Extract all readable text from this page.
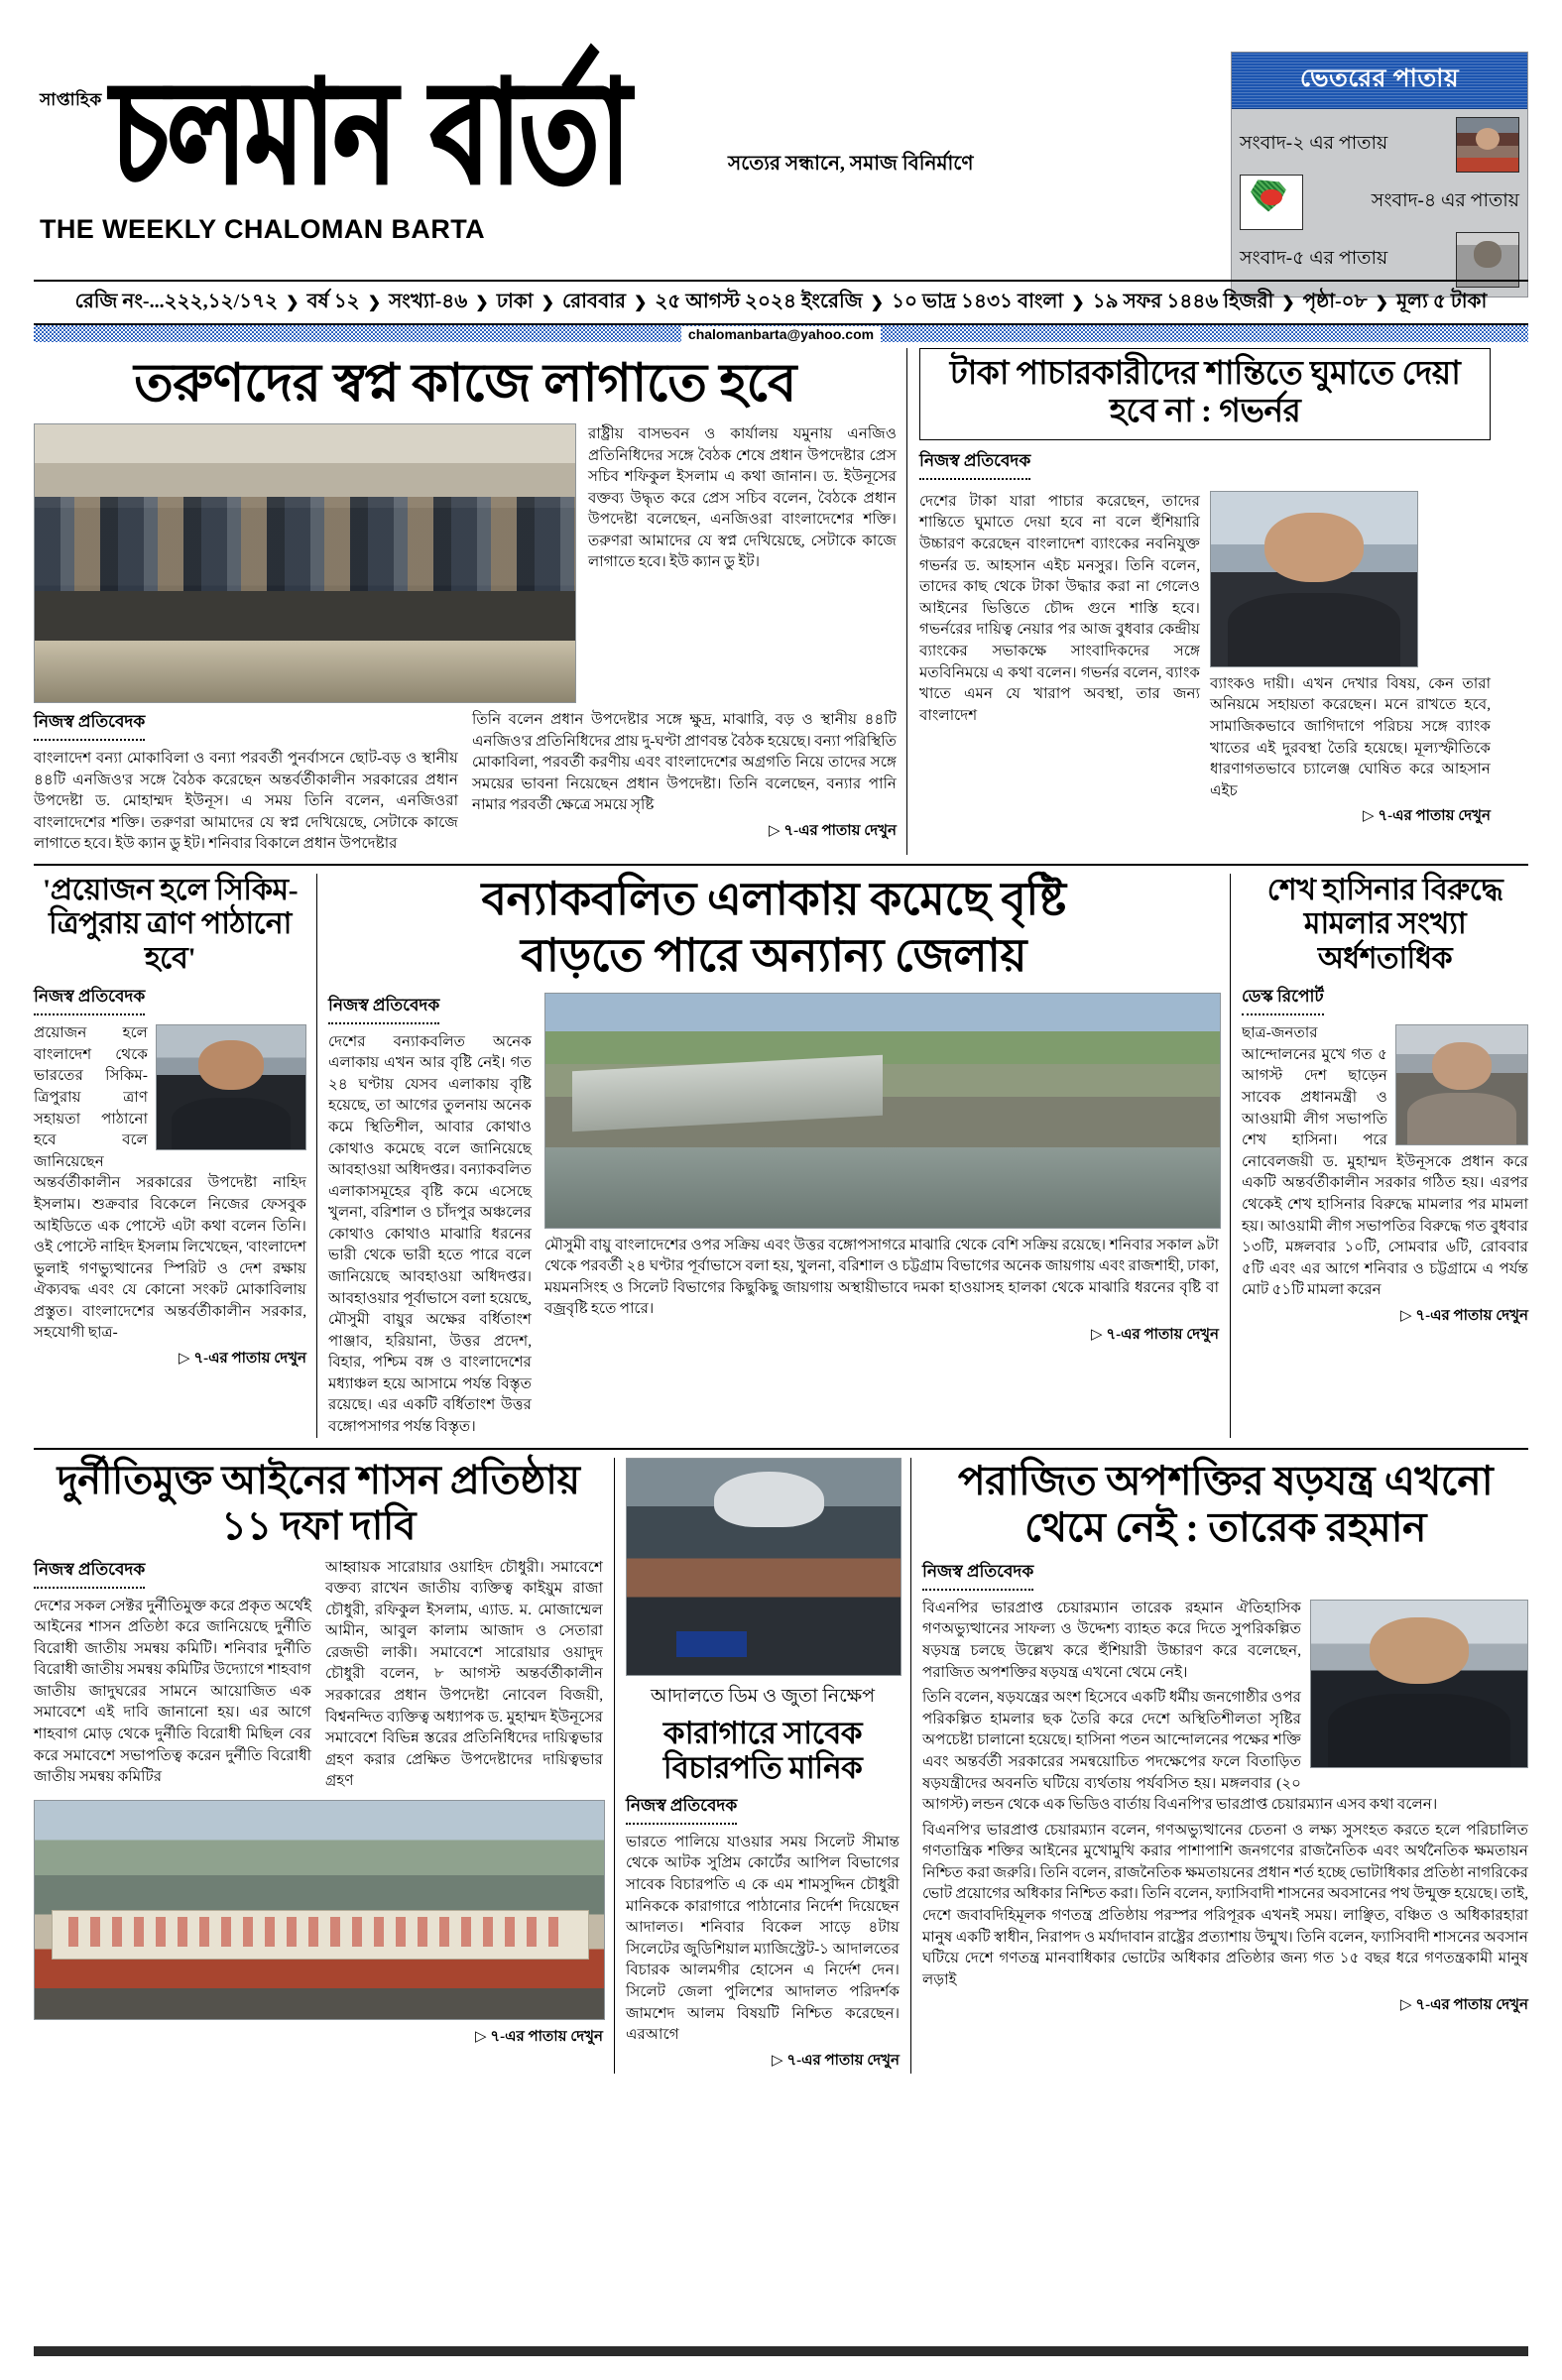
সাপ্তাহিক চলমান বার্তা
THE WEEKLY CHALOMAN BARTA
সত্যের সন্ধানে, সমাজ বিনির্মাণে
ভেতরের পাতায়
সংবাদ-২ এর পাতায়
সংবাদ-৪ এর পাতায়
সংবাদ-৫ এর পাতায়
রেজি নং-...২২২,১২/১৭২ ❯ বর্ষ ১২ ❯ সংখ্যা-৪৬ ❯ ঢাকা ❯ রোববার ❯ ২৫ আগস্ট ২০২৪ ইংরেজি ❯ ১০ ভাদ্র ১৪৩১ বাংলা ❯ ১৯ সফর ১৪৪৬ হিজরী ❯ পৃষ্ঠা-০৮ ❯ মূল্য ৫ টাকা
chalomanbarta@yahoo.com
তরুণদের স্বপ্ন কাজে লাগাতে হবে
রাষ্ট্রীয় বাসভবন ও কার্যালয় যমুনায় এনজিও প্রতিনিধিদের সঙ্গে বৈঠক শেষে প্রধান উপদেষ্টার প্রেস সচিব শফিকুল ইসলাম এ কথা জানান। ড. ইউনূসের বক্তব্য উদ্ধৃত করে প্রেস সচিব বলেন, বৈঠকে প্রধান উপদেষ্টা বলেছেন, এনজিওরা বাংলাদেশের শক্তি। তরুণরা আমাদের যে স্বপ্ন দেখিয়েছে, সেটাকে কাজে লাগাতে হবে। ইউ ক্যান ডু ইট।
নিজস্ব প্রতিবেদক
বাংলাদেশ বন্যা মোকাবিলা ও বন্যা পরবর্তী পুনর্বাসনে ছোট-বড় ও স্থানীয় ৪৪টি এনজিও'র সঙ্গে বৈঠক করেছেন অন্তর্বর্তীকালীন সরকারের প্রধান উপদেষ্টা ড. মোহাম্মদ ইউনূস। এ সময় তিনি বলেন, এনজিওরা বাংলাদেশের শক্তি। তরুণরা আমাদের যে স্বপ্ন দেখিয়েছে, সেটাকে কাজে লাগাতে হবে। ইউ ক্যান ডু ইট। শনিবার বিকালে প্রধান উপদেষ্টার
তিনি বলেন প্রধান উপদেষ্টার সঙ্গে ক্ষুদ্র, মাঝারি, বড় ও স্থানীয় ৪৪টি এনজিও'র প্রতিনিধিদের প্রায় দু-ঘণ্টা প্রাণবন্ত বৈঠক হয়েছে। বন্যা পরিস্থিতি মোকাবিলা, পরবর্তী করণীয় এবং বাংলাদেশের অগ্রগতি নিয়ে তাদের সঙ্গে সময়ের ভাবনা নিয়েছেন প্রধান উপদেষ্টা। তিনি বলেছেন, বন্যার পানি নামার পরবর্তী ক্ষেত্রে সময়ে সৃষ্টি
▷ ৭-এর পাতায় দেখুন
টাকা পাচারকারীদের শান্তিতে ঘুমাতে দেয়া হবে না : গভর্নর
নিজস্ব প্রতিবেদক
দেশের টাকা যারা পাচার করেছেন, তাদের শান্তিতে ঘুমাতে দেয়া হবে না বলে হুঁশিয়ারি উচ্চারণ করেছেন বাংলাদেশ ব্যাংকের নবনিযুক্ত গভর্নর ড. আহসান এইচ মনসুর। তিনি বলেন, তাদের কাছ থেকে টাকা উদ্ধার করা না গেলেও আইনের ভিত্তিতে চৌদ্দ গুনে শাস্তি হবে। গভর্নরের দায়িত্ব নেয়ার পর আজ বুধবার কেন্দ্রীয় ব্যাংকের সভাকক্ষে সাংবাদিকদের সঙ্গে মতবিনিময়ে এ কথা বলেন। গভর্নর বলেন, ব্যাংক খাতে এমন যে খারাপ অবস্থা, তার জন্য বাংলাদেশ
ব্যাংকও দায়ী। এখন দেখার বিষয়, কেন তারা অনিয়মে সহায়তা করেছেন। মনে রাখতে হবে, সামাজিকভাবে জাগিদাগে পরিচয় সঙ্গে ব্যাংক খাতের এই দুরবস্থা তৈরি হয়েছে। মূল্যস্ফীতিকে ধারণাগতভাবে চ্যালেঞ্জ ঘোষিত করে আহসান এইচ
▷ ৭-এর পাতায় দেখুন
'প্রয়োজন হলে সিকিম-ত্রিপুরায় ত্রাণ পাঠানো হবে'
নিজস্ব প্রতিবেদক
প্রয়োজন হলে বাংলাদেশ থেকে ভারতের সিকিম-ত্রিপুরায় ত্রাণ সহায়তা পাঠানো হবে বলে জানিয়েছেন অন্তর্বর্তীকালীন সরকারের উপদেষ্টা নাহিদ ইসলাম। শুক্রবার বিকেলে নিজের ফেসবুক আইডিতে এক পোস্টে এটা কথা বলেন তিনি। ওই পোস্টে নাহিদ ইসলাম লিখেছেন, 'বাংলাদেশ ভুলাই গণভ্যুত্থানের স্পিরিট ও দেশ রক্ষায় ঐক্যবদ্ধ এবং যে কোনো সংকট মোকাবিলায় প্রস্তুত। বাংলাদেশের অন্তর্বর্তীকালীন সরকার, সহযোগী ছাত্র-
▷ ৭-এর পাতায় দেখুন
বন্যাকবলিত এলাকায় কমেছে বৃষ্টি
বাড়তে পারে অন্যান্য জেলায়
নিজস্ব প্রতিবেদক
দেশের বন্যাকবলিত অনেক এলাকায় এখন আর বৃষ্টি নেই। গত ২৪ ঘণ্টায় যেসব এলাকায় বৃষ্টি হয়েছে, তা আগের তুলনায় অনেক কমে স্থিতিশীল, আবার কোথাও কোথাও কমেছে বলে জানিয়েছে আবহাওয়া অধিদপ্তর। বন্যাকবলিত এলাকাসমূহের বৃষ্টি কমে এসেছে খুলনা, বরিশাল ও চাঁদপুর অঞ্চলের কোথাও কোথাও মাঝারি ধরনের ভারী থেকে ভারী হতে পারে বলে জানিয়েছে আবহাওয়া অধিদপ্তর। আবহাওয়ার পূর্বাভাসে বলা হয়েছে, মৌসুমী বায়ুর অক্ষের বর্ধিতাংশ পাঞ্জাব, হরিয়ানা, উত্তর প্রদেশ, বিহার, পশ্চিম বঙ্গ ও বাংলাদেশের মধ্যাঞ্চল হয়ে আসামে পর্যন্ত বিস্তৃত রয়েছে। এর একটি বর্ধিতাংশ উত্তর বঙ্গোপসাগর পর্যন্ত বিস্তৃত।
মৌসুমী বায়ু বাংলাদেশের ওপর সক্রিয় এবং উত্তর বঙ্গোপসাগরে মাঝারি থেকে বেশি সক্রিয় রয়েছে। শনিবার সকাল ৯টা থেকে পরবর্তী ২৪ ঘণ্টার পূর্বাভাসে বলা হয়, খুলনা, বরিশাল ও চট্টগ্রাম বিভাগের অনেক জায়গায় এবং রাজশাহী, ঢাকা, ময়মনসিংহ ও সিলেট বিভাগের কিছুকিছু জায়গায় অস্থায়ীভাবে দমকা হাওয়াসহ হালকা থেকে মাঝারি ধরনের বৃষ্টি বা বজ্রবৃষ্টি হতে পারে।
▷ ৭-এর পাতায় দেখুন
শেখ হাসিনার বিরুদ্ধে মামলার সংখ্যা অর্ধশতাধিক
ডেস্ক রিপোর্ট
ছাত্র-জনতার আন্দোলনের মুখে গত ৫ আগস্ট দেশ ছাড়েন সাবেক প্রধানমন্ত্রী ও আওয়ামী লীগ সভাপতি শেখ হাসিনা। পরে নোবেলজয়ী ড. মুহাম্মদ ইউনূসকে প্রধান করে একটি অন্তর্বর্তীকালীন সরকার গঠিত হয়। এরপর থেকেই শেখ হাসিনার বিরুদ্ধে মামলার পর মামলা হয়। আওয়ামী লীগ সভাপতির বিরুদ্ধে গত বুধবার ১৩টি, মঙ্গলবার ১০টি, সোমবার ৬টি, রোববার ৫টি এবং এর আগে শনিবার ও চট্টগ্রামে এ পর্যন্ত মোট ৫১টি মামলা করেন
▷ ৭-এর পাতায় দেখুন
দুর্নীতিমুক্ত আইনের শাসন প্রতিষ্ঠায় ১১ দফা দাবি
নিজস্ব প্রতিবেদক
দেশের সকল সেক্টর দুর্নীতিমুক্ত করে প্রকৃত অর্থেই আইনের শাসন প্রতিষ্ঠা করে জানিয়েছে দুর্নীতি বিরোধী জাতীয় সমন্বয় কমিটি। শনিবার দুর্নীতি বিরোধী জাতীয় সমন্বয় কমিটির উদ্যোগে শাহবাগ জাতীয় জাদুঘরের সামনে আয়োজিত এক সমাবেশে এই দাবি জানানো হয়। এর আগে শাহবাগ মোড় থেকে দুর্নীতি বিরোধী মিছিল বের করে সমাবেশে সভাপতিত্ব করেন দুর্নীতি বিরোধী জাতীয় সমন্বয় কমিটির
আহ্বায়ক সারোয়ার ওয়াহিদ চৌধুরী। সমাবেশে বক্তব্য রাখেন জাতীয় ব্যক্তিত্ব কাইয়ুম রাজা চৌধুরী, রফিকুল ইসলাম, এ্যাড. ম. মোজাম্মেল আমীন, আবুল কালাম আজাদ ও সেতারা রেজভী লাকী। সমাবেশে সারোয়ার ওয়াদুদ চৌধুরী বলেন, ৮ আগস্ট অন্তর্বর্তীকালীন সরকারের প্রধান উপদেষ্টা নোবেল বিজয়ী, বিশ্বনন্দিত ব্যক্তিত্ব অধ্যাপক ড. মুহাম্মদ ইউনূসের সমাবেশে বিভিন্ন স্তরের প্রতিনিধিদের দায়িত্বভার গ্রহণ করার প্রেক্ষিত উপদেষ্টাদের দায়িত্বভার গ্রহণ
▷ ৭-এর পাতায় দেখুন
আদালতে ডিম ও জুতা নিক্ষেপ
কারাগারে সাবেক বিচারপতি মানিক
নিজস্ব প্রতিবেদক
ভারতে পালিয়ে যাওয়ার সময় সিলেট সীমান্ত থেকে আটক সুপ্রিম কোর্টের আপিল বিভাগের সাবেক বিচারপতি এ কে এম শামসুদ্দিন চৌধুরী মানিককে কারাগারে পাঠানোর নির্দেশ দিয়েছেন আদালত। শনিবার বিকেল সাড়ে ৪টায় সিলেটের জুডিশিয়াল ম্যাজিস্ট্রেট-১ আদালতের বিচারক আলমগীর হোসেন এ নির্দেশ দেন। সিলেট জেলা পুলিশের আদালত পরিদর্শক জামশেদ আলম বিষয়টি নিশ্চিত করেছেন। এরআগে
▷ ৭-এর পাতায় দেখুন
পরাজিত অপশক্তির ষড়যন্ত্র এখনো থেমে নেই : তারেক রহমান
নিজস্ব প্রতিবেদক
বিএনপির ভারপ্রাপ্ত চেয়ারম্যান তারেক রহমান ঐতিহাসিক গণঅভ্যুত্থানের সাফল্য ও উদ্দেশ্য ব্যাহত করে দিতে সুপরিকল্পিত ষড়যন্ত্র চলছে উল্লেখ করে হুঁশিয়ারী উচ্চারণ করে বলেছেন, পরাজিত অপশক্তির ষড়যন্ত্র এখনো থেমে নেই।
তিনি বলেন, ষড়যন্ত্রের অংশ হিসেবে একটি ধর্মীয় জনগোষ্ঠীর ওপর পরিকল্পিত হামলার ছক তৈরি করে দেশে অস্থিতিশীলতা সৃষ্টির অপচেষ্টা চালানো হয়েছে। হাসিনা পতন আন্দোলনের পক্ষের শক্তি এবং অন্তর্বর্তী সরকারের সমন্বয়োচিত পদক্ষেপের ফলে বিতাড়িত ষড়যন্ত্রীদের অবনতি ঘটিয়ে ব্যর্থতায় পর্যবসিত হয়। মঙ্গলবার (২০ আগস্ট) লন্ডন থেকে এক ভিডিও বার্তায় বিএনপি'র ভারপ্রাপ্ত চেয়ারম্যান এসব কথা বলেন।
বিএনপি'র ভারপ্রাপ্ত চেয়ারম্যান বলেন, গণঅভ্যুত্থানের চেতনা ও লক্ষ্য সুসংহত করতে হলে পরিচালিত গণতান্ত্রিক শক্তির আইনের মুখোমুখি করার পাশাপাশি জনগণের রাজনৈতিক এবং অর্থনৈতিক ক্ষমতায়ন নিশ্চিত করা জরুরি। তিনি বলেন, রাজনৈতিক ক্ষমতায়নের প্রধান শর্ত হচ্ছে ভোটাধিকার প্রতিষ্ঠা নাগরিকের ভোট প্রয়োগের অধিকার নিশ্চিত করা। তিনি বলেন, ফ্যাসিবাদী শাসনের অবসানের পথ উন্মুক্ত হয়েছে। তাই, দেশে জবাবদিহিমূলক গণতন্ত্র প্রতিষ্ঠায় পরস্পর পরিপূরক এখনই সময়। লাঞ্ছিত, বঞ্চিত ও অধিকারহারা মানুষ একটি স্বাধীন, নিরাপদ ও মর্যাদাবান রাষ্ট্রের প্রত্যাশায় উন্মুখ। তিনি বলেন, ফ্যাসিবাদী শাসনের অবসান ঘটিয়ে দেশে গণতন্ত্র মানবাধিকার ভোটের অধিকার প্রতিষ্ঠার জন্য গত ১৫ বছর ধরে গণতন্ত্রকামী মানুষ লড়াই
▷ ৭-এর পাতায় দেখুন
